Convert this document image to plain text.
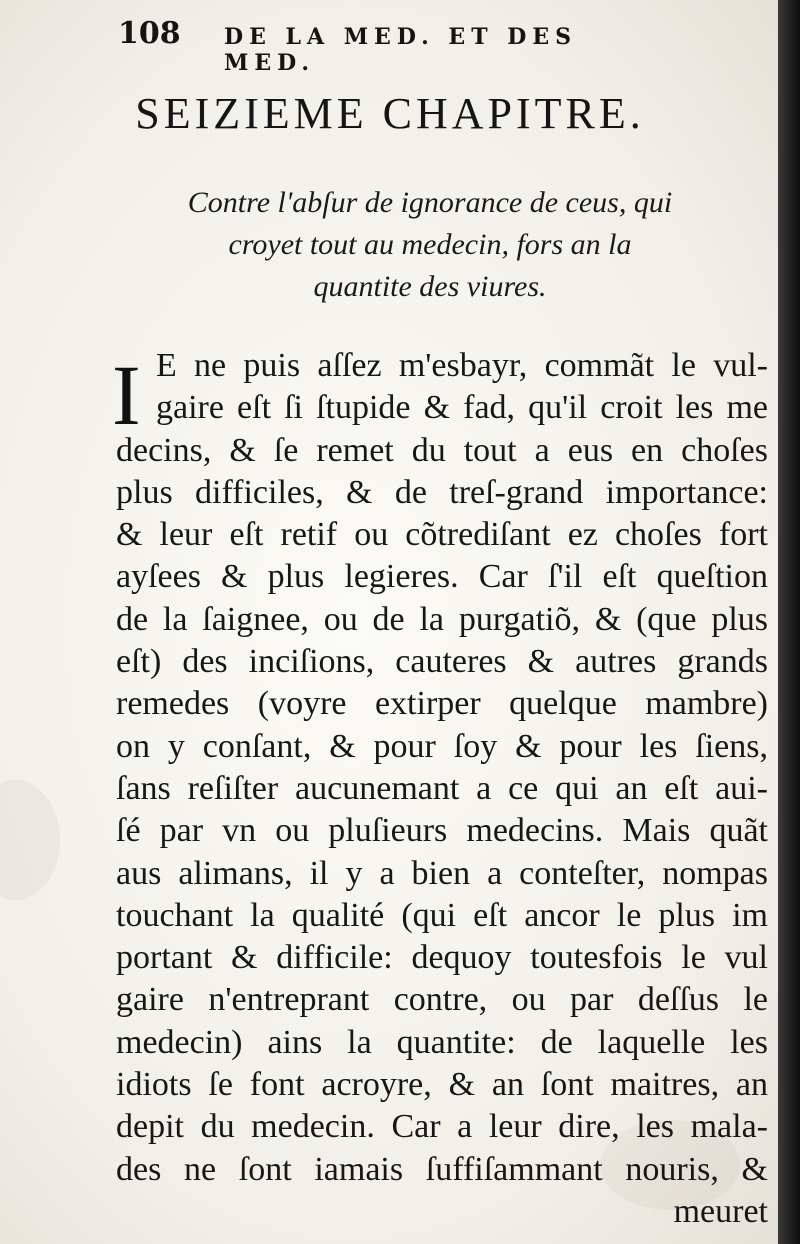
108 DE LA MED. ET DES MED.
SEIZIEME CHAPITRE.
Contre l'abſur de ignorance de ceus, qui
croyet tout au medecin, fors an la
quantite des viures.
I E ne puis aſſez m'esbayr, commãt le vul-
gaire eſt ſi ſtupide & fad, qu'il croit les me
decins, & ſe remet du tout a eus en choſes
plus difficiles, & de treſ-grand importance:
& leur eſt retif ou cõtrediſant ez choſes fort
ayſees & plus legieres. Car ſ'il eſt queſtion
de la ſaignee, ou de la purgatiõ, & (que plus
eſt) des inciſions, cauteres & autres grands
remedes (voyre extirper quelque mambre)
on y conſant, & pour ſoy & pour les ſiens,
ſans reſiſter aucunemant a ce qui an eſt aui-
ſé par vn ou pluſieurs medecins. Mais quãt
aus alimans, il y a bien a conteſter, nompas
touchant la qualité (qui eſt ancor le plus im
portant & difficile: dequoy toutesfois le vul
gaire n'entreprant contre, ou par deſſus le
medecin) ains la quantite: de laquelle les
idiots ſe font acroyre, & an ſont maitres, an
depit du medecin. Car a leur dire, les mala-
des ne ſont iamais ſuffiſammant nouris, &
meuret
